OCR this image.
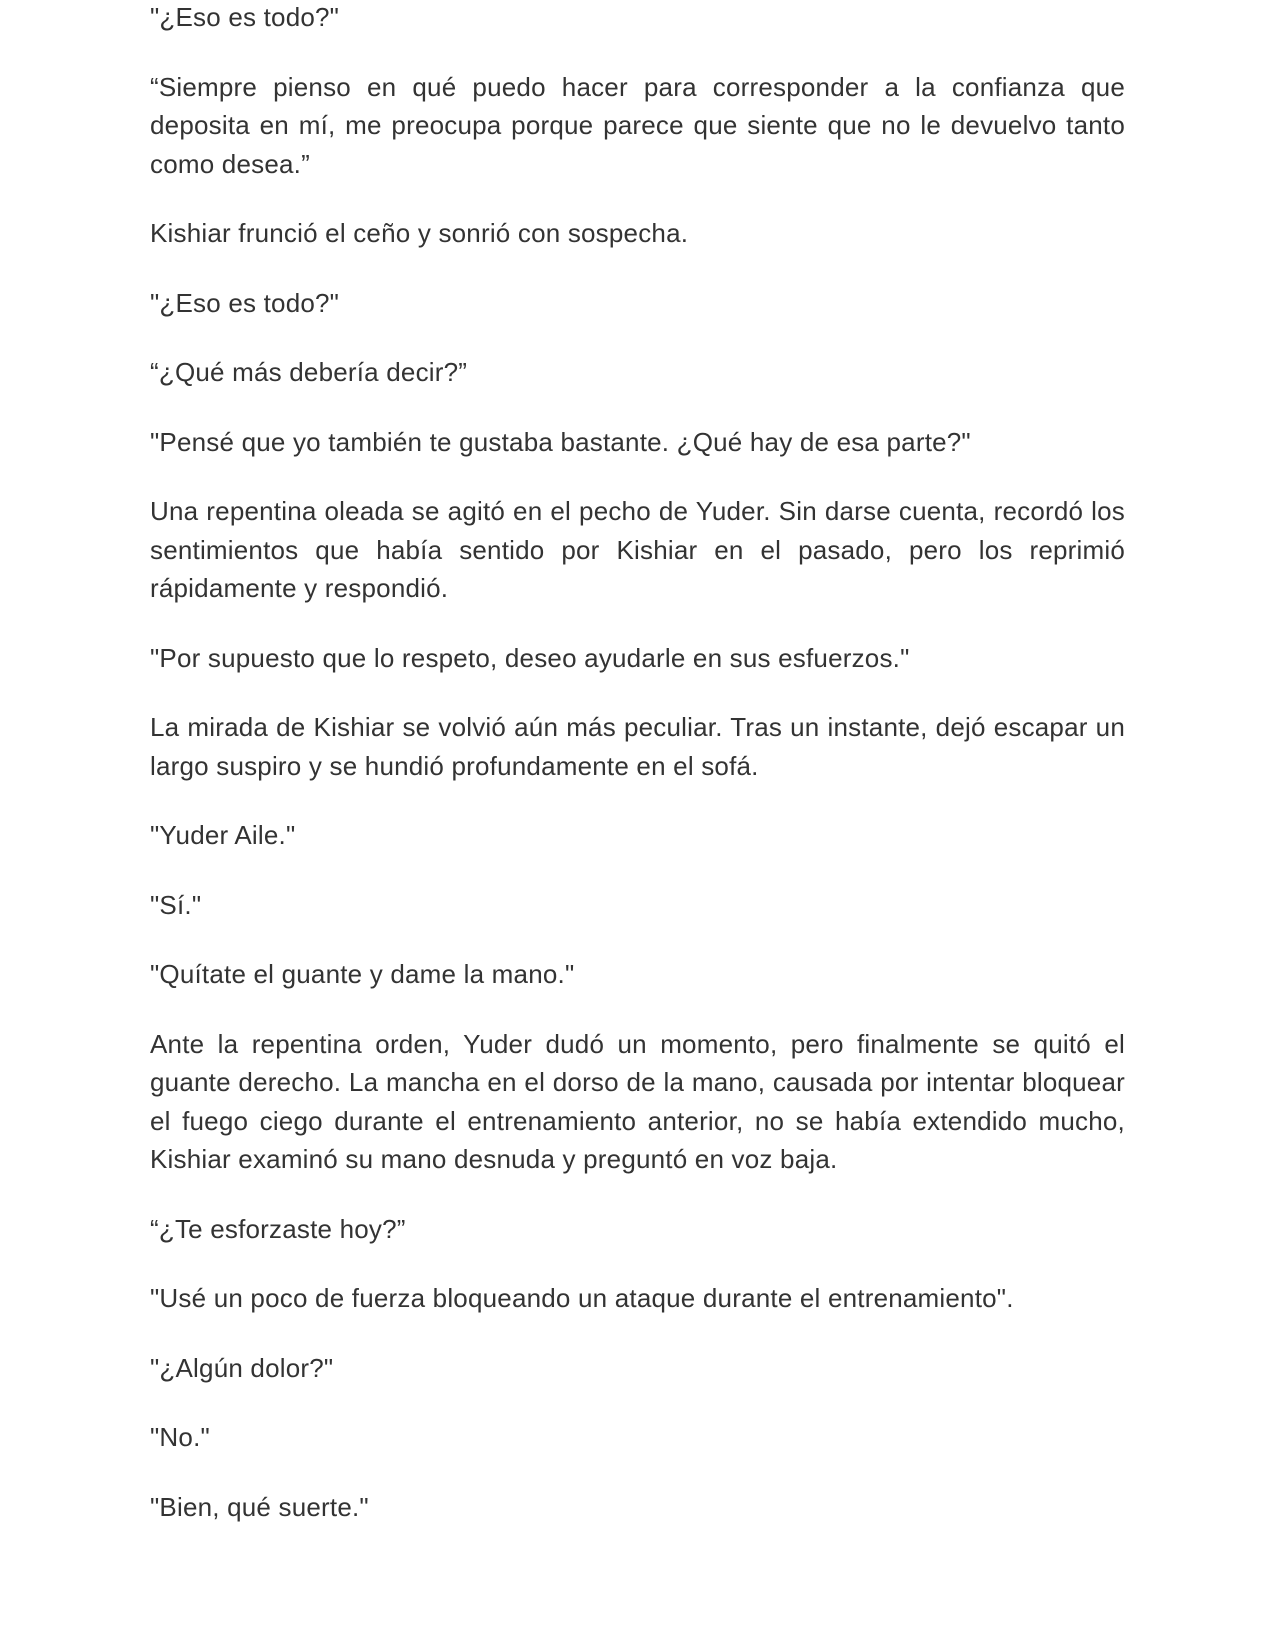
"¿Eso es todo?"

“Siempre pienso en qué puedo hacer para corresponder a la confianza que deposita en mí, me preocupa porque parece que siente que no le devuelvo tanto como desea.”

Kishiar frunció el ceño y sonrió con sospecha.

"¿Eso es todo?"

“¿Qué más debería decir?”

"Pensé que yo también te gustaba bastante. ¿Qué hay de esa parte?"

Una repentina oleada se agitó en el pecho de Yuder. Sin darse cuenta, recordó los sentimientos que había sentido por Kishiar en el pasado, pero los reprimió rápidamente y respondió.

"Por supuesto que lo respeto, deseo ayudarle en sus esfuerzos."

La mirada de Kishiar se volvió aún más peculiar. Tras un instante, dejó escapar un largo suspiro y se hundió profundamente en el sofá.

"Yuder Aile."

"Sí."

"Quítate el guante y dame la mano."

Ante la repentina orden, Yuder dudó un momento, pero finalmente se quitó el guante derecho. La mancha en el dorso de la mano, causada por intentar bloquear el fuego ciego durante el entrenamiento anterior, no se había extendido mucho, Kishiar examinó su mano desnuda y preguntó en voz baja.

“¿Te esforzaste hoy?”

"Usé un poco de fuerza bloqueando un ataque durante el entrenamiento".

"¿Algún dolor?"

"No."

"Bien, qué suerte."
